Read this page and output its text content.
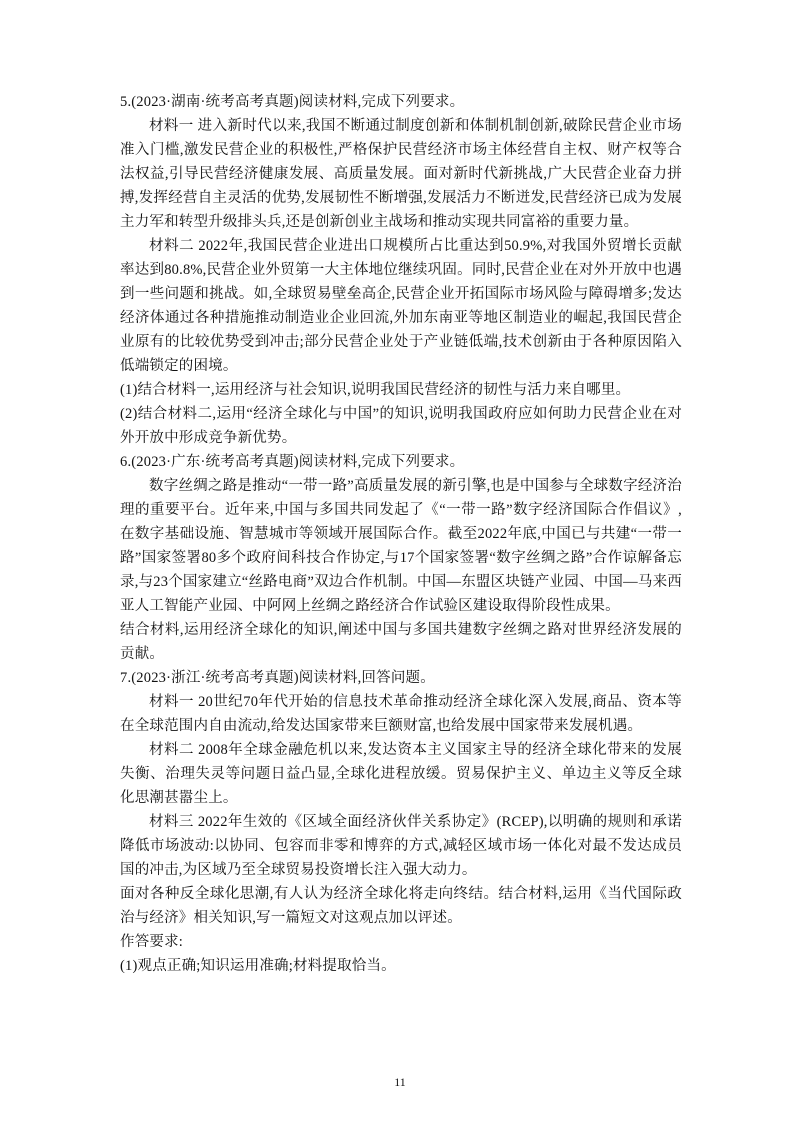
5.(2023·湖南·统考高考真题)阅读材料,完成下列要求。

材料一 进入新时代以来,我国不断通过制度创新和体制机制创新,破除民营企业市场准入门槛,激发民营企业的积极性,严格保护民营经济市场主体经营自主权、财产权等合法权益,引导民营经济健康发展、高质量发展。面对新时代新挑战,广大民营企业奋力拼搏,发挥经营自主灵活的优势,发展韧性不断增强,发展活力不断迸发,民营经济已成为发展主力军和转型升级排头兵,还是创新创业主战场和推动实现共同富裕的重要力量。

材料二 2022年,我国民营企业进出口规模所占比重达到50.9%,对我国外贸增长贡献率达到80.8%,民营企业外贸第一大主体地位继续巩固。同时,民营企业在对外开放中也遇到一些问题和挑战。如,全球贸易壁垒高企,民营企业开拓国际市场风险与障碍增多;发达经济体通过各种措施推动制造业企业回流,外加东南亚等地区制造业的崛起,我国民营企业原有的比较优势受到冲击;部分民营企业处于产业链低端,技术创新由于各种原因陷入低端锁定的困境。

(1)结合材料一,运用经济与社会知识,说明我国民营经济的韧性与活力来自哪里。

(2)结合材料二,运用“经济全球化与中国”的知识,说明我国政府应如何助力民营企业在对外开放中形成竞争新优势。

6.(2023·广东·统考高考真题)阅读材料,完成下列要求。

数字丝绸之路是推动“一带一路”高质量发展的新引擎,也是中国参与全球数字经济治理的重要平台。近年来,中国与多国共同发起了《“一带一路”数字经济国际合作倡议》,在数字基础设施、智慧城市等领域开展国际合作。截至2022年底,中国已与共建“一带一路”国家签署80多个政府间科技合作协定,与17个国家签署“数字丝绸之路”合作谅解备忘录,与23个国家建立“丝路电商”双边合作机制。中国—东盟区块链产业园、中国—马来西亚人工智能产业园、中阿网上丝绸之路经济合作试验区建设取得阶段性成果。

结合材料,运用经济全球化的知识,阐述中国与多国共建数字丝绸之路对世界经济发展的贡献。

7.(2023·浙江·统考高考真题)阅读材料,回答问题。

材料一 20世纪70年代开始的信息技术革命推动经济全球化深入发展,商品、资本等在全球范围内自由流动,给发达国家带来巨额财富,也给发展中国家带来发展机遇。

材料二 2008年全球金融危机以来,发达资本主义国家主导的经济全球化带来的发展失衡、治理失灵等问题日益凸显,全球化进程放缓。贸易保护主义、单边主义等反全球化思潮甚嚣尘上。

材料三 2022年生效的《区域全面经济伙伴关系协定》(RCEP),以明确的规则和承诺降低市场波动:以协同、包容而非零和博弈的方式,减轻区域市场一体化对最不发达成员国的冲击,为区域乃至全球贸易投资增长注入强大动力。

面对各种反全球化思潮,有人认为经济全球化将走向终结。结合材料,运用《当代国际政治与经济》相关知识,写一篇短文对这观点加以评述。

作答要求:

(1)观点正确;知识运用准确;材料提取恰当。

11
